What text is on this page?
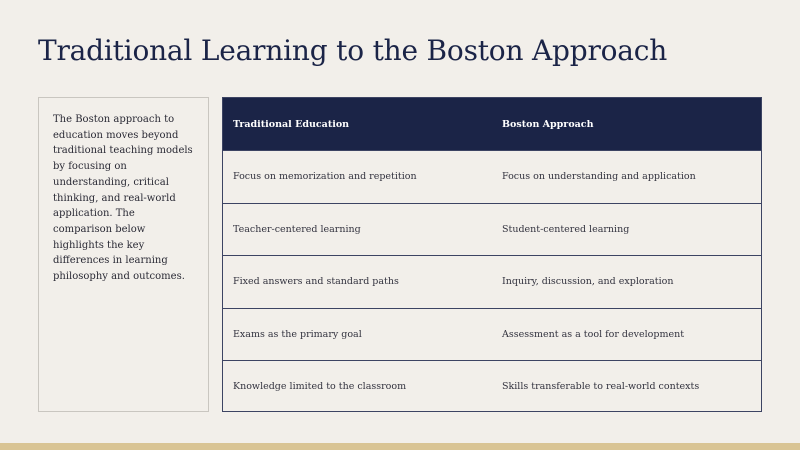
Traditional Learning to the Boston Approach

The Boston approach to education moves beyond traditional teaching models by focusing on understanding, critical thinking, and real-world application. The comparison below highlights the key differences in learning philosophy and outcomes.

Traditional Education	Boston Approach
Focus on memorization and repetition	Focus on understanding and application
Teacher-centered learning	Student-centered learning
Fixed answers and standard paths	Inquiry, discussion, and exploration
Exams as the primary goal	Assessment as a tool for development
Knowledge limited to the classroom	Skills transferable to real-world contexts
